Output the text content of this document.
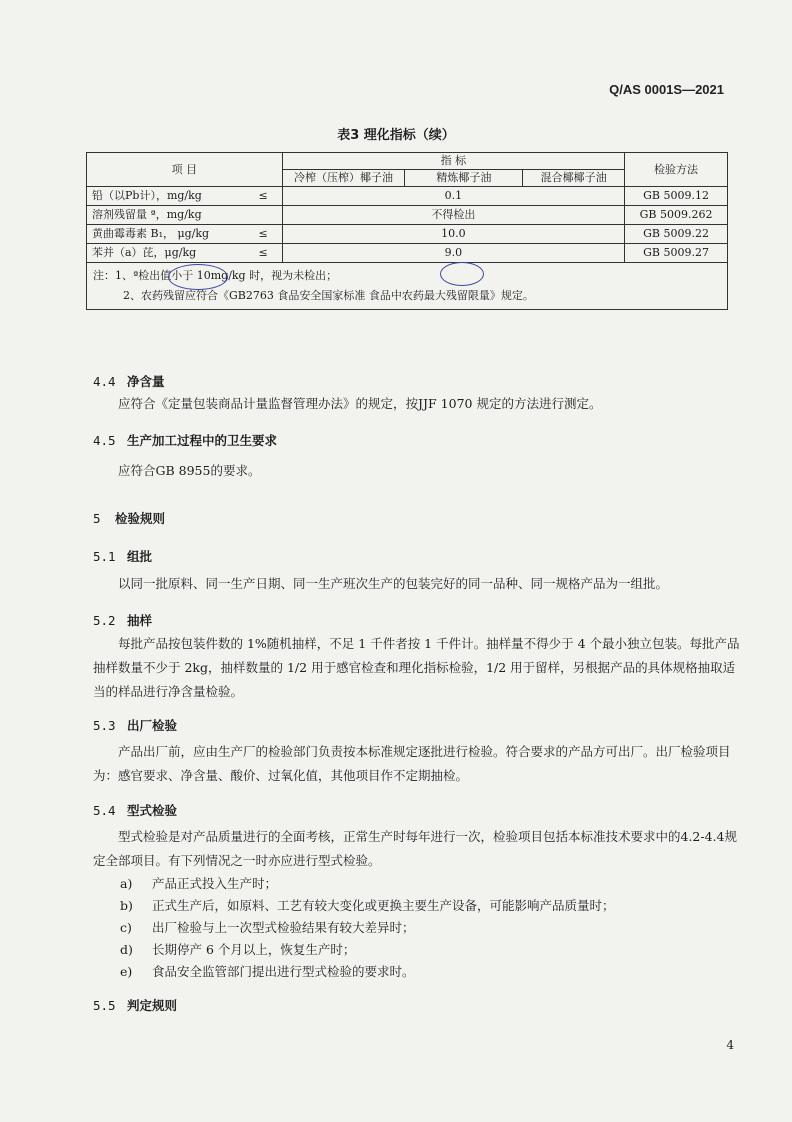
Q/AS 0001S—2021
表3 理化指标（续）
项 目	指 标			检验方法
	冷榨（压榨）椰子油	精炼椰子油	混合椰椰子油	
铅（以Pb计），mg/kg ≤	0.1			GB 5009.12
溶剂残留量 ª，mg/kg	不得检出			GB 5009.262
黄曲霉毒素 B₁， μg/kg ≤	10.0			GB 5009.22
苯并（a）芘，μg/kg ≤	9.0			GB 5009.27

注：1、ª检出值小于 10mg/kg 时，视为未检出；
2、农药残留应符合《GB2763 食品安全国家标准 食品中农药最大残留限量》规定。				
4.4 净含量
应符合《定量包装商品计量监督管理办法》的规定，按JJF 1070 规定的方法进行测定。
4.5 生产加工过程中的卫生要求
应符合GB 8955的要求。
5 检验规则
5.1 组批
以同一批原料、同一生产日期、同一生产班次生产的包装完好的同一品种、同一规格产品为一组批。
5.2 抽样
每批产品按包装件数的 1%随机抽样，不足 1 千件者按 1 千件计。抽样量不得少于 4 个最小独立包装。每批产品抽样数量不少于 2kg，抽样数量的 1/2 用于感官检查和理化指标检验，1/2 用于留样，另根据产品的具体规格抽取适当的样品进行净含量检验。
5.3 出厂检验
产品出厂前，应由生产厂的检验部门负责按本标准规定逐批进行检验。符合要求的产品方可出厂。出厂检验项目为：感官要求、净含量、酸价、过氧化值，其他项目作不定期抽检。
5.4 型式检验
型式检验是对产品质量进行的全面考核，正常生产时每年进行一次，检验项目包括本标准技术要求中的4.2-4.4规定全部项目。有下列情况之一时亦应进行型式检验。
a) 产品正式投入生产时；
b) 正式生产后，如原料、工艺有较大变化或更换主要生产设备，可能影响产品质量时；
c) 出厂检验与上一次型式检验结果有较大差异时；
d) 长期停产 6 个月以上，恢复生产时；
e) 食品安全监管部门提出进行型式检验的要求时。
5.5 判定规则
4
